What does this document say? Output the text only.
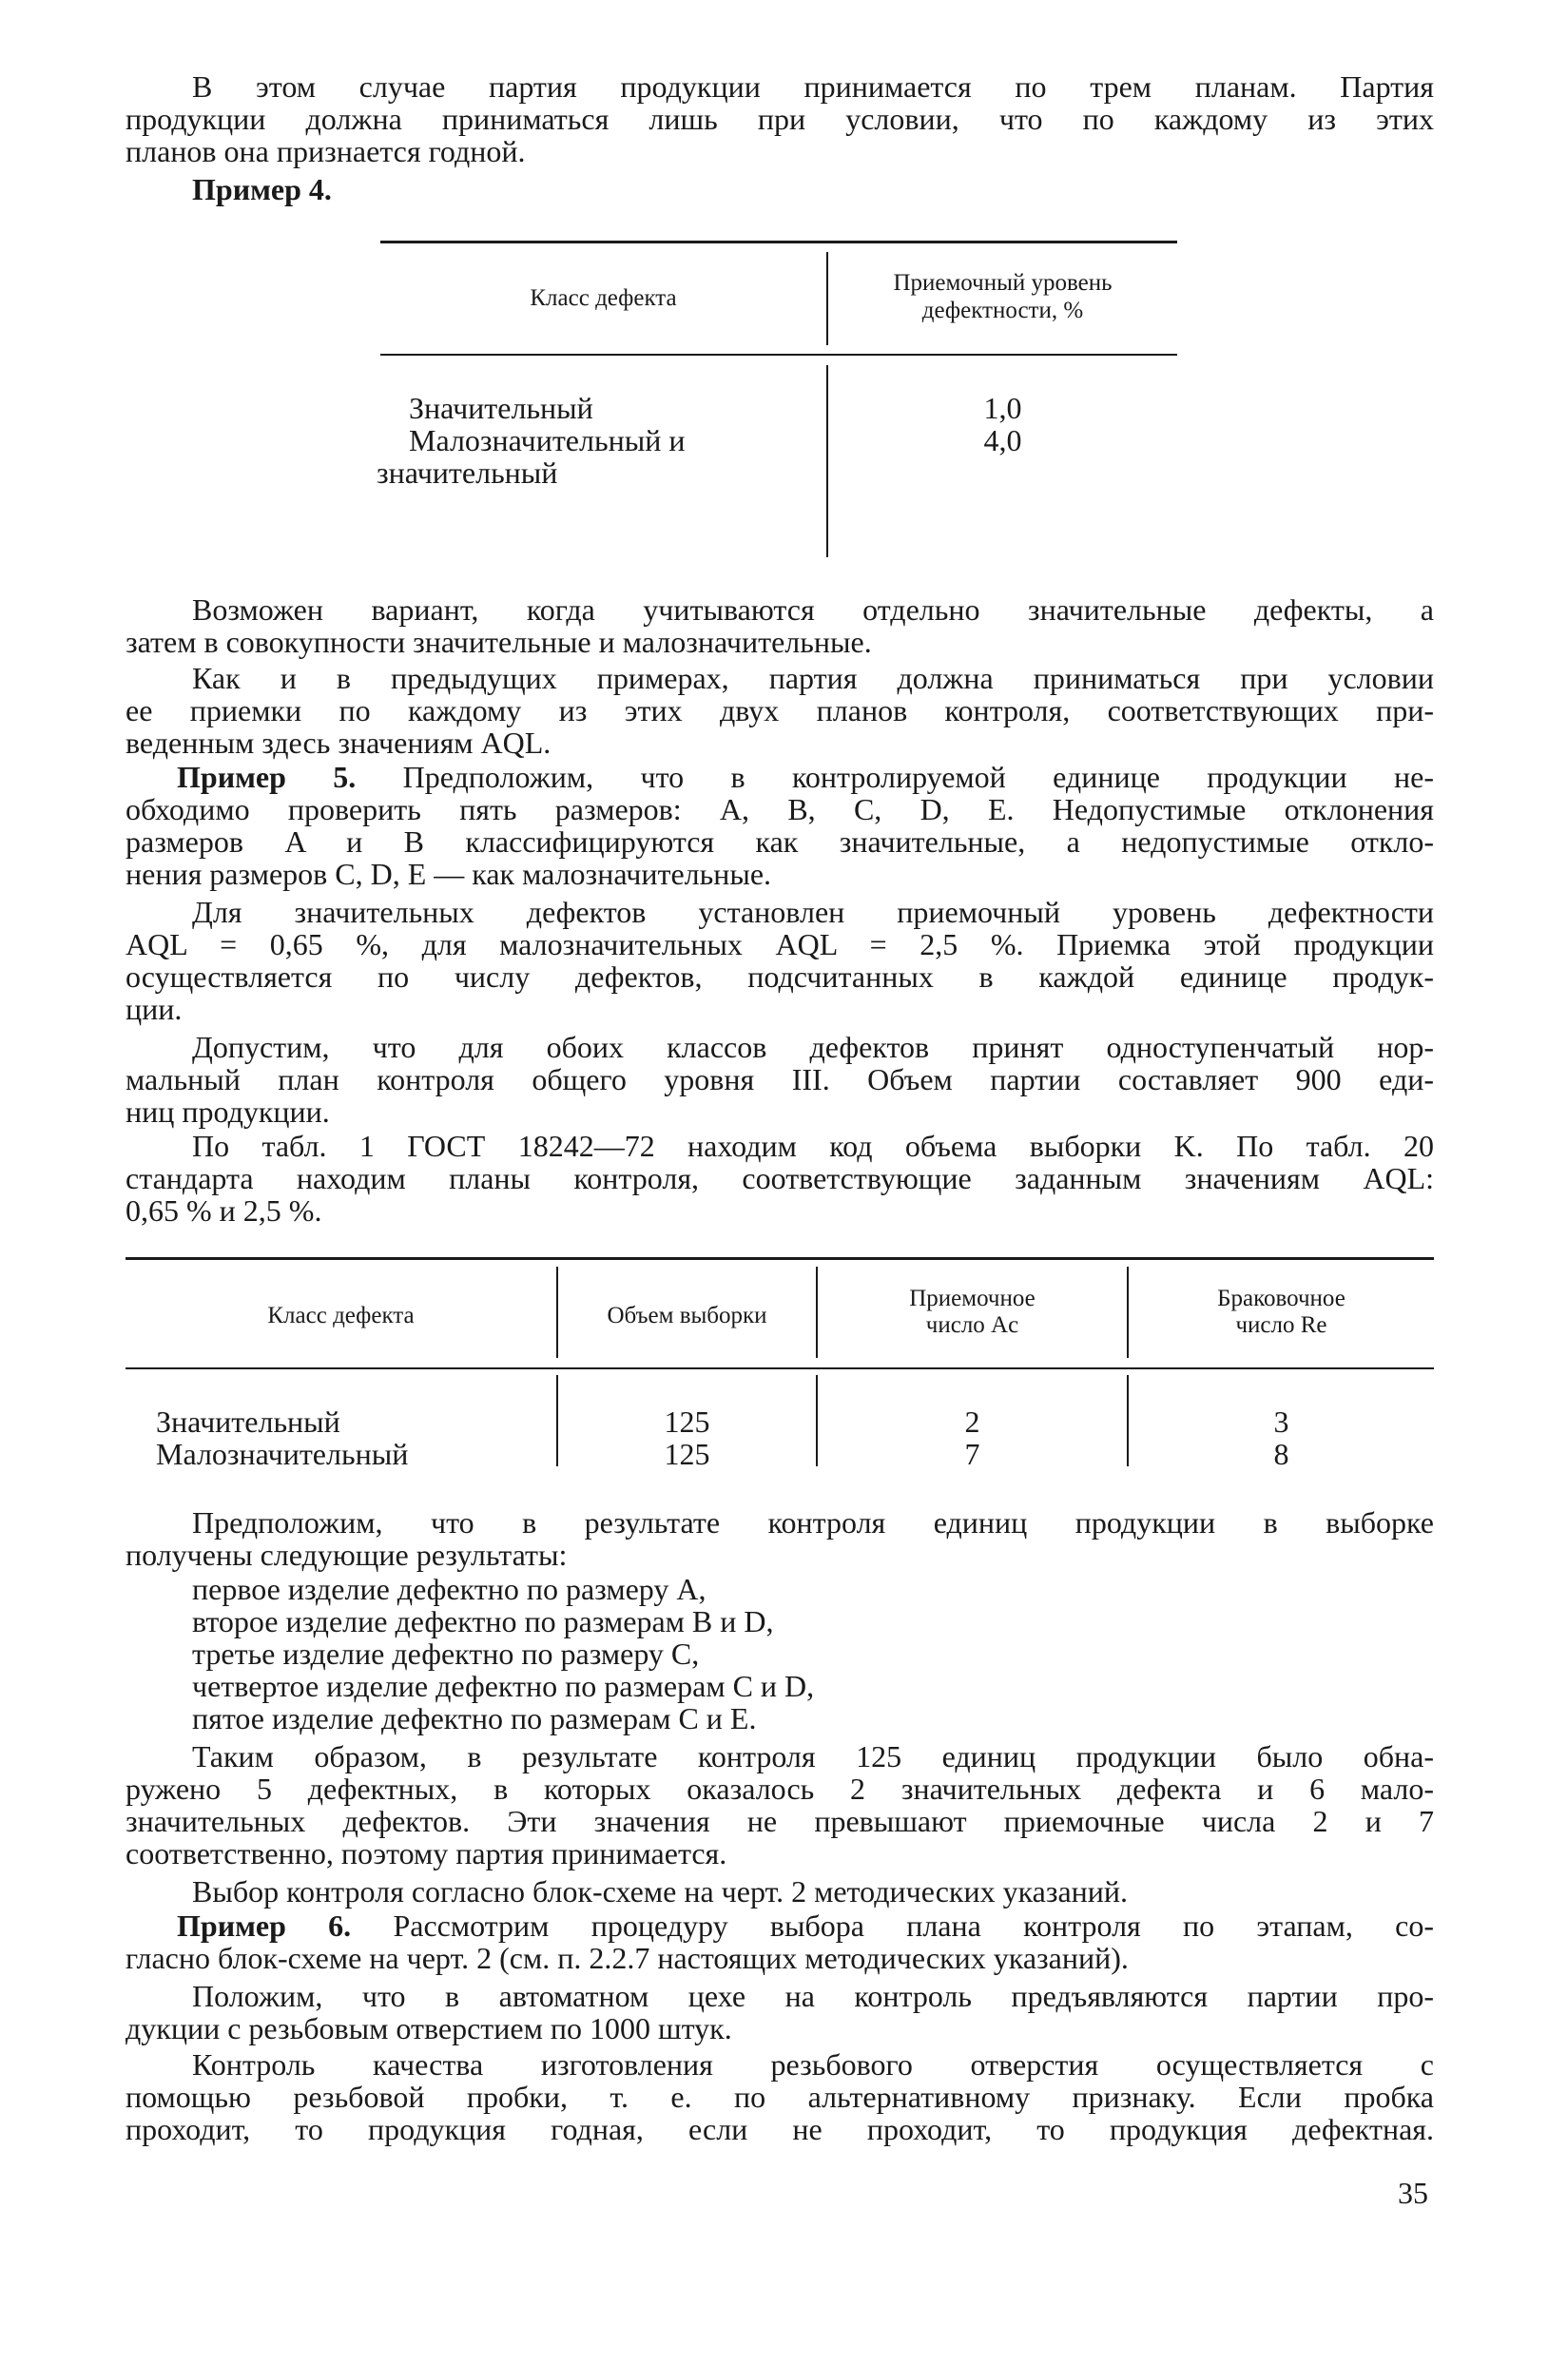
В этом случае партия продукции принимается по трем планам. Партия

продукции должна приниматься лишь при условии, что по каждому из этих

планов она признается годной.

Пример 4.

Класс дефекта

Приемочный уровень

дефектности, %

Значительный

Малозначительный и

значительный

1,0

4,0

Возможен вариант, когда учитываются отдельно значительные дефекты, а

затем в совокупности значительные и малозначительные.

Как и в предыдущих примерах, партия должна приниматься при условии

ее приемки по каждому из этих двух планов контроля, соответствующих при-

веденным здесь значениям AQL.

Пример 5. Предположим, что в контролируемой единице продукции не-

обходимо проверить пять размеров: A, B, C, D, E. Недопустимые отклонения

размеров A и B классифицируются как значительные, а недопустимые откло-

нения размеров C, D, E — как малозначительные.

Для значительных дефектов установлен приемочный уровень дефектности

AQL = 0,65 %, для малозначительных AQL = 2,5 %. Приемка этой продукции

осуществляется по числу дефектов, подсчитанных в каждой единице продук-

ции.

Допустим, что для обоих классов дефектов принят одноступенчатый нор-

мальный план контроля общего уровня III. Объем партии составляет 900 еди-

ниц продукции.

По табл. 1 ГОСТ 18242—72 находим код объема выборки K. По табл. 20

стандарта находим планы контроля, соответствующие заданным значениям AQL:

0,65 % и 2,5 %.

Класс дефекта	Объем выборки

Приемочное

число Ac

Браковочное

число Re

Значительный

Малозначительный

125

125

2

7

3

8

Предположим, что в результате контроля единиц продукции в выборке

получены следующие результаты:

первое изделие дефектно по размеру A,

второе изделие дефектно по размерам B и D,

третье изделие дефектно по размеру C,

четвертое изделие дефектно по размерам C и D,

пятое изделие дефектно по размерам C и E.

Таким образом, в результате контроля 125 единиц продукции было обна-

ружено 5 дефектных, в которых оказалось 2 значительных дефекта и 6 мало-

значительных дефектов. Эти значения не превышают приемочные числа 2 и 7

соответственно, поэтому партия принимается.

Выбор контроля согласно блок-схеме на черт. 2 методических указаний.

Пример 6. Рассмотрим процедуру выбора плана контроля по этапам, со-

гласно блок-схеме на черт. 2 (см. п. 2.2.7 настоящих методических указаний).

Положим, что в автоматном цехе на контроль предъявляются партии про-

дукции с резьбовым отверстием по 1000 штук.

Контроль качества изготовления резьбового отверстия осуществляется с

помощью резьбовой пробки, т. е. по альтернативному признаку. Если пробка

проходит, то продукция годная, если не проходит, то продукция дефектная.

35
